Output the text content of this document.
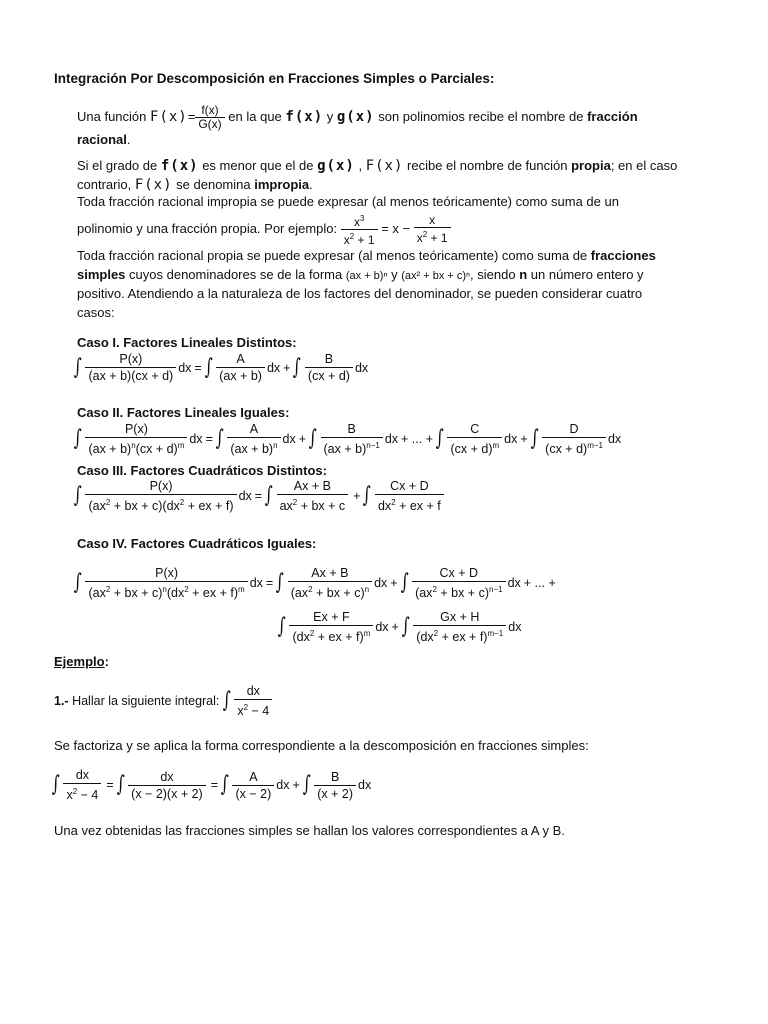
Integración Por Descomposición en Fracciones Simples o Parciales:
Una función $F(x)= \frac{f(x)}{G(x)}$ en la que f(x) y g(x) son polinomios recibe el nombre de fracción
racional.
Si el grado de f(x) es menor que el de g(x) , F(x) recibe el nombre de función propia; en el caso
contrario, F(x) se denomina impropia.
Toda fracción racional impropia se puede expresar (al menos teóricamente) como suma de un
polinomio y una fracción propia. Por ejemplo: $\frac{x^3}{x^2 + 1} = x - \frac{x}{x^2 + 1}$
Toda fracción racional propia se puede expresar (al menos teóricamente) como suma de fracciones
simples cuyos denominadores se de la forma (ax + b)ⁿ y (ax² + bx + c)ⁿ, siendo n un número entero y
positivo. Atendiendo a la naturaleza de los factores del denominador, se pueden considerar cuatro
casos:
Caso I. Factores Lineales Distintos:
∫ $\frac{P(x)}{(ax + b)(cx + d)}$ dx = ∫ $\frac{A}{(ax + b)}$ dx + ∫ $\frac{B}{(cx + d)}$ dx
Caso II. Factores Lineales Iguales:
∫ $\frac{P(x)}{(ax + b)^n(cx + d)^m}$ dx = ∫ $\frac{A}{(ax + b)^n}$ dx + ∫ $\frac{B}{(ax + b)^{n-1}}$ dx + ... + ∫ $\frac{C}{(cx + d)^m}$ dx + ∫ $\frac{D}{(cx + d)^{m-1}}$ dx
Caso III. Factores Cuadráticos Distintos:
∫ $\frac{P(x)}{(ax^2 + bx + c)(dx^2 + ex + f)}$ dx = ∫ $\frac{Ax + B}{ax^2 + bx + c}$ + ∫ $\frac{Cx + D}{dx^2 + ex + f}$
Caso IV. Factores Cuadráticos Iguales:
∫ $\frac{P(x)}{(ax^2 + bx + c)^n(dx^2 + ex + f)^m}$ dx = ∫ $\frac{Ax + B}{(ax^2 + bx + c)^n}$ dx + ∫ $\frac{Cx + D}{(ax^2 + bx + c)^{n-1}}$ dx + ... +
∫ $\frac{Ex + F}{(dx^2 + ex + f)^m}$ dx + ∫ $\frac{Gx + H}{(dx^2 + ex + f)^{m-1}}$ dx
Ejemplo:
1.-
Hallar la siguiente integral:
∫ $\frac{dx}{x^2 - 4}$
Se factoriza y se aplica la forma correspondiente a la descomposición en fracciones simples:
∫ $\frac{dx}{x^2 - 4}$ = ∫ $\frac{dx}{(x - 2)(x + 2)}$ = ∫ $\frac{A}{(x - 2)}$ dx + ∫ $\frac{B}{(x + 2)}$ dx
Una vez obtenidas las fracciones simples se hallan los valores correspondientes a A y B.
